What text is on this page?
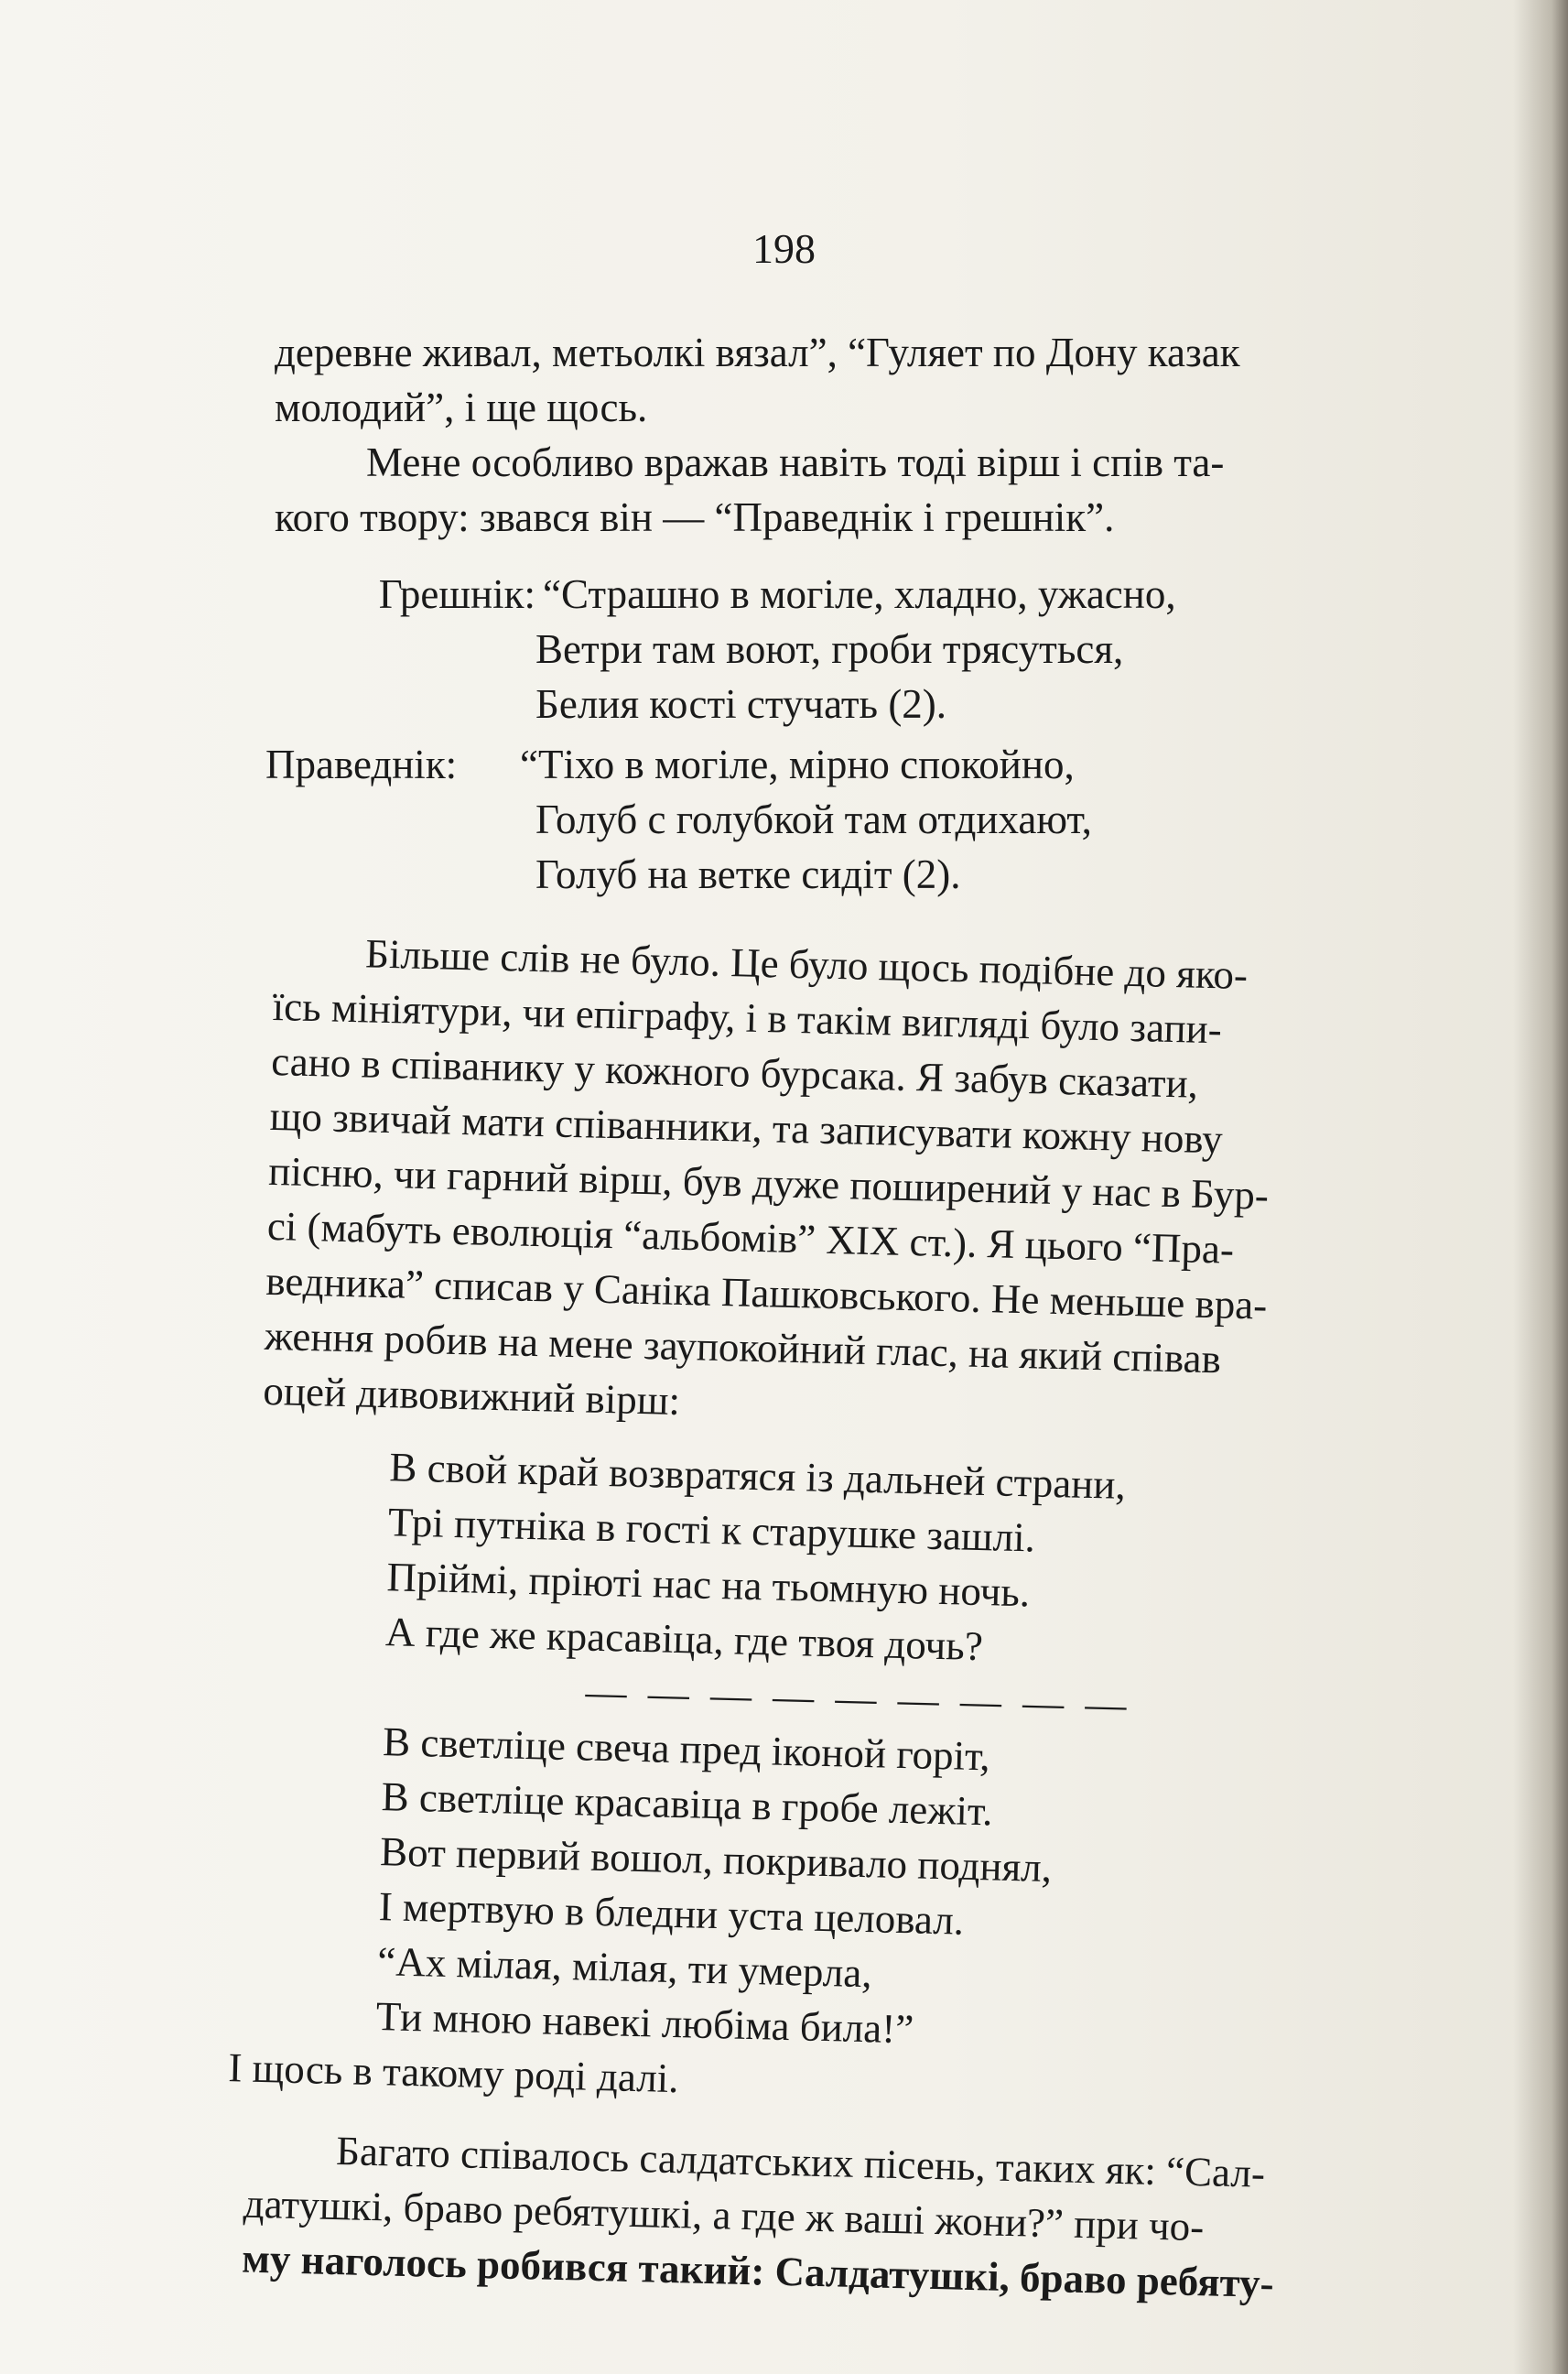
198
деревне живал, метьолкі вязал”, “Гуляет по Дону казак
молодий”, і ще щось.
Мене особливо вражав навіть тоді вірш і спів та-
кого твору: звався він — “Праведнік і грешнік”.
Грешнік: “Страшно в могіле, хладно, ужасно,
Ветри там воют, гроби трясуться,
Белия кості стучать (2).
Праведнік: “Тіхо в могіле, мірно спокойно,
Голуб с голубкой там отдихают,
Голуб на ветке сидіт (2).
Більше слів не було. Це було щось подібне до яко-
їсь мініятури, чи епіграфу, і в такім вигляді було запи-
сано в співанику у кожного бурсака. Я забув сказати,
що звичай мати співанники, та записувати кожну нову
пісню, чи гарний вірш, був дуже поширений у нас в Бур-
сі (мабуть еволюція “альбомів” XIX ст.). Я цього “Пра-
ведника” списав у Саніка Пашковського. Не меньше вра-
ження робив на мене заупокойний глас, на який співав
оцей дивовижний вірш:
В свой край возвратяся із дальней страни,
Трі путніка в гості к старушке зашлі.
Пріймі, пріюті нас на тьомную ночь.
А где же красавіца, где твоя дочь?
— — — — — — — — —
В светліце свеча пред іконой горіт,
В светліце красавіца в гробе лежіт.
Вот первий вошол, покривало поднял,
І мертвую в бледни уста целовал.
“Ах мілая, мілая, ти умерла,
Ти мною навекі любіма била!”
І щось в такому роді далі.
Багато співалось салдатських пісень, таких як: “Сал-
датушкі, браво ребятушкі, а где ж ваші жони?” при чо-
му наголось робився такий: Салдатушкі, браво ребяту-
